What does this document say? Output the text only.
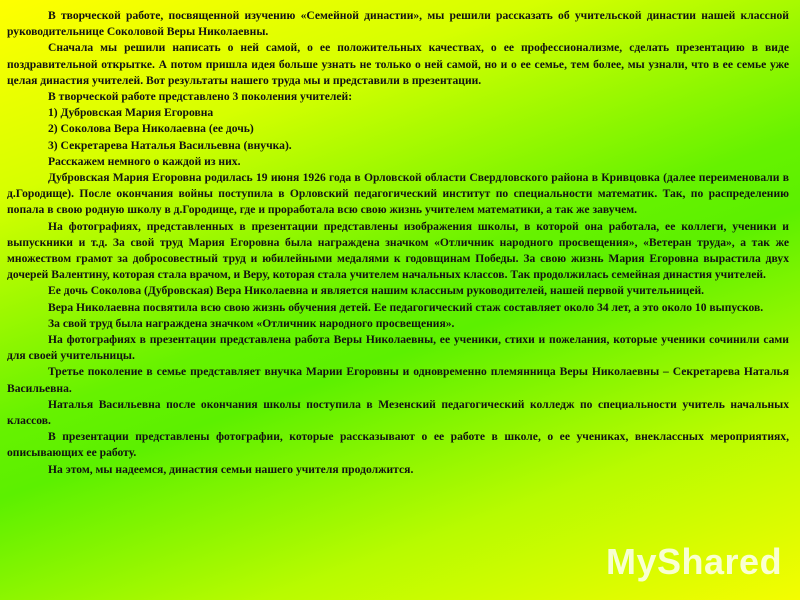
В творческой работе, посвященной изучению «Семейной династии», мы решили рассказать об учительской династии нашей классной руководительнице Соколовой Веры Николаевны.

Сначала мы решили написать о ней самой, о ее положительных качествах, о ее профессионализме, сделать презентацию в виде поздравительной открытке. А потом пришла идея больше узнать не только о ней самой, но и о ее семье, тем более, мы узнали, что в ее семье уже целая династия учителей. Вот результаты нашего труда мы и представили в презентации.

В творческой работе представлено 3 поколения учителей:

1) Дубровская Мария Егоровна

2) Соколова Вера Николаевна (ее дочь)

3) Секретарева Наталья Васильевна (внучка).

Расскажем немного о каждой из них.

Дубровская Мария Егоровна родилась 19 июня 1926 года в Орловской области Свердловского района в Кривцовка (далее переименовали в д.Городище). После окончания войны поступила в Орловский педагогический институт по специальности математик. Так, по распределению попала в свою родную школу в д.Городище, где и проработала всю свою жизнь учителем математики, а так же завучем.

На фотографиях, представленных в презентации представлены изображения школы, в которой она работала, ее коллеги, ученики и выпускники и т.д. За свой труд Мария Егоровна была награждена значком «Отличник народного просвещения», «Ветеран труда», а так же множеством грамот за добросовестный труд и юбилейными медалями к годовщинам Победы. За свою жизнь Мария Егоровна вырастила двух дочерей Валентину, которая стала врачом, и Веру, которая стала учителем начальных классов. Так продолжилась семейная династия учителей.

Ее дочь Соколова (Дубровская) Вера Николаевна и является нашим классным руководителей, нашей первой учительницей.

Вера Николаевна посвятила всю свою жизнь обучения детей. Ее педагогический стаж составляет около 34 лет, а это около 10 выпусков.

За свой труд была награждена значком «Отличник народного просвещения».

На фотографиях в презентации представлена работа Веры Николаевны, ее ученики, стихи и пожелания, которые ученики сочинили сами для своей учительницы.

Третье поколение в семье представляет внучка Марии Егоровны и одновременно племянница Веры Николаевны – Секретарева Наталья Васильевна.

Наталья Васильевна после окончания школы поступила в Мезенский педагогический колледж по специальности учитель начальных классов.

В презентации представлены фотографии, которые рассказывают о ее работе в школе, о ее учениках, внеклассных мероприятиях, описывающих ее работу.

На этом, мы надеемся, династия семьи нашего учителя продолжится.

MyShared
